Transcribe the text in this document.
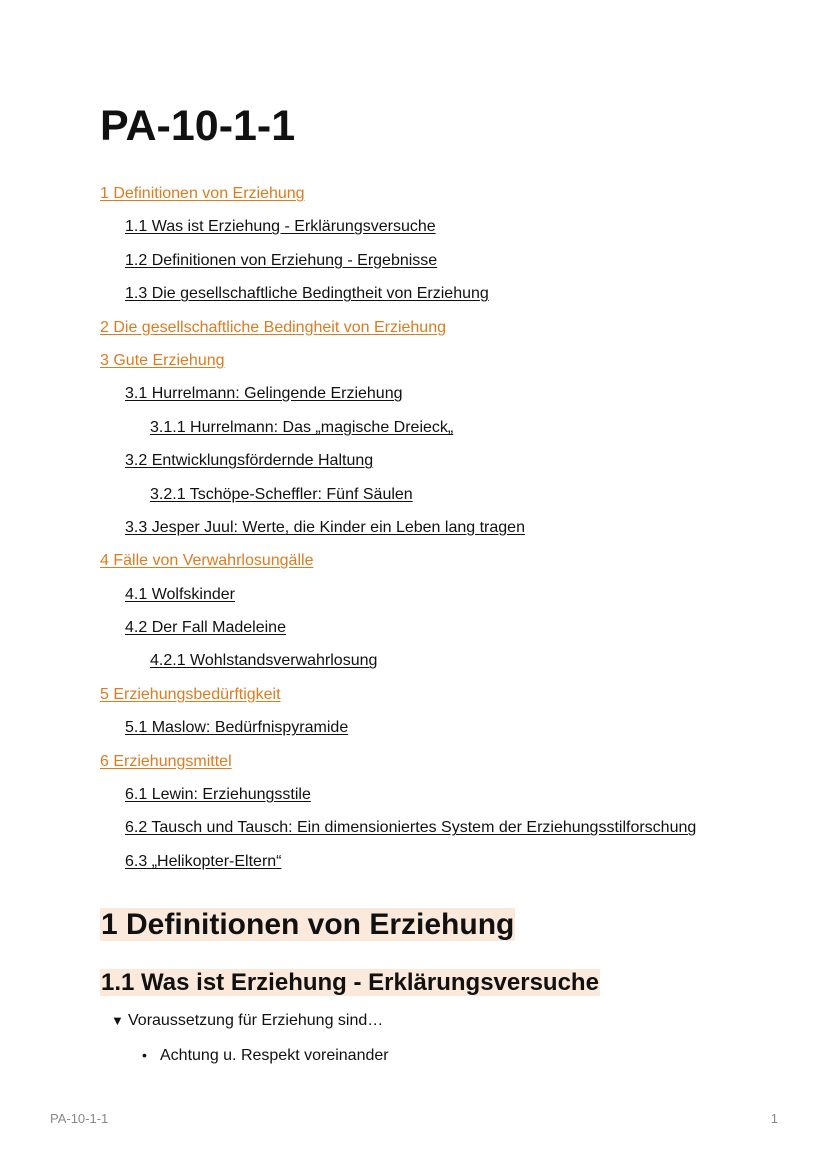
PA-10-1-1
1 Definitionen von Erziehung
1.1 Was ist Erziehung - Erklärungsversuche
1.2 Definitionen von Erziehung - Ergebnisse
1.3 Die gesellschaftliche Bedingtheit von Erziehung
2 Die gesellschaftliche Bedingheit von Erziehung
3 Gute Erziehung
3.1 Hurrelmann: Gelingende Erziehung
3.1.1 Hurrelmann: Das „magische Dreieck„
3.2 Entwicklungsfördernde Haltung
3.2.1 Tschöpe-Scheffler: Fünf Säulen
3.3 Jesper Juul: Werte, die Kinder ein Leben lang tragen
4 Fälle von Verwahrlosungälle
4.1 Wolfskinder
4.2 Der Fall Madeleine
4.2.1 Wohlstandsverwahrlosung
5 Erziehungsbedürftigkeit
5.1 Maslow: Bedürfnispyramide
6 Erziehungsmittel
6.1 Lewin: Erziehungsstile
6.2 Tausch und Tausch: Ein dimensioniertes System der Erziehungsstilforschung
6.3 „Helikopter-Eltern“
1 Definitionen von Erziehung
1.1 Was ist Erziehung - Erklärungsversuche
▼ Voraussetzung für Erziehung sind…
• Achtung u. Respekt voreinander
PA-10-1-1	1
